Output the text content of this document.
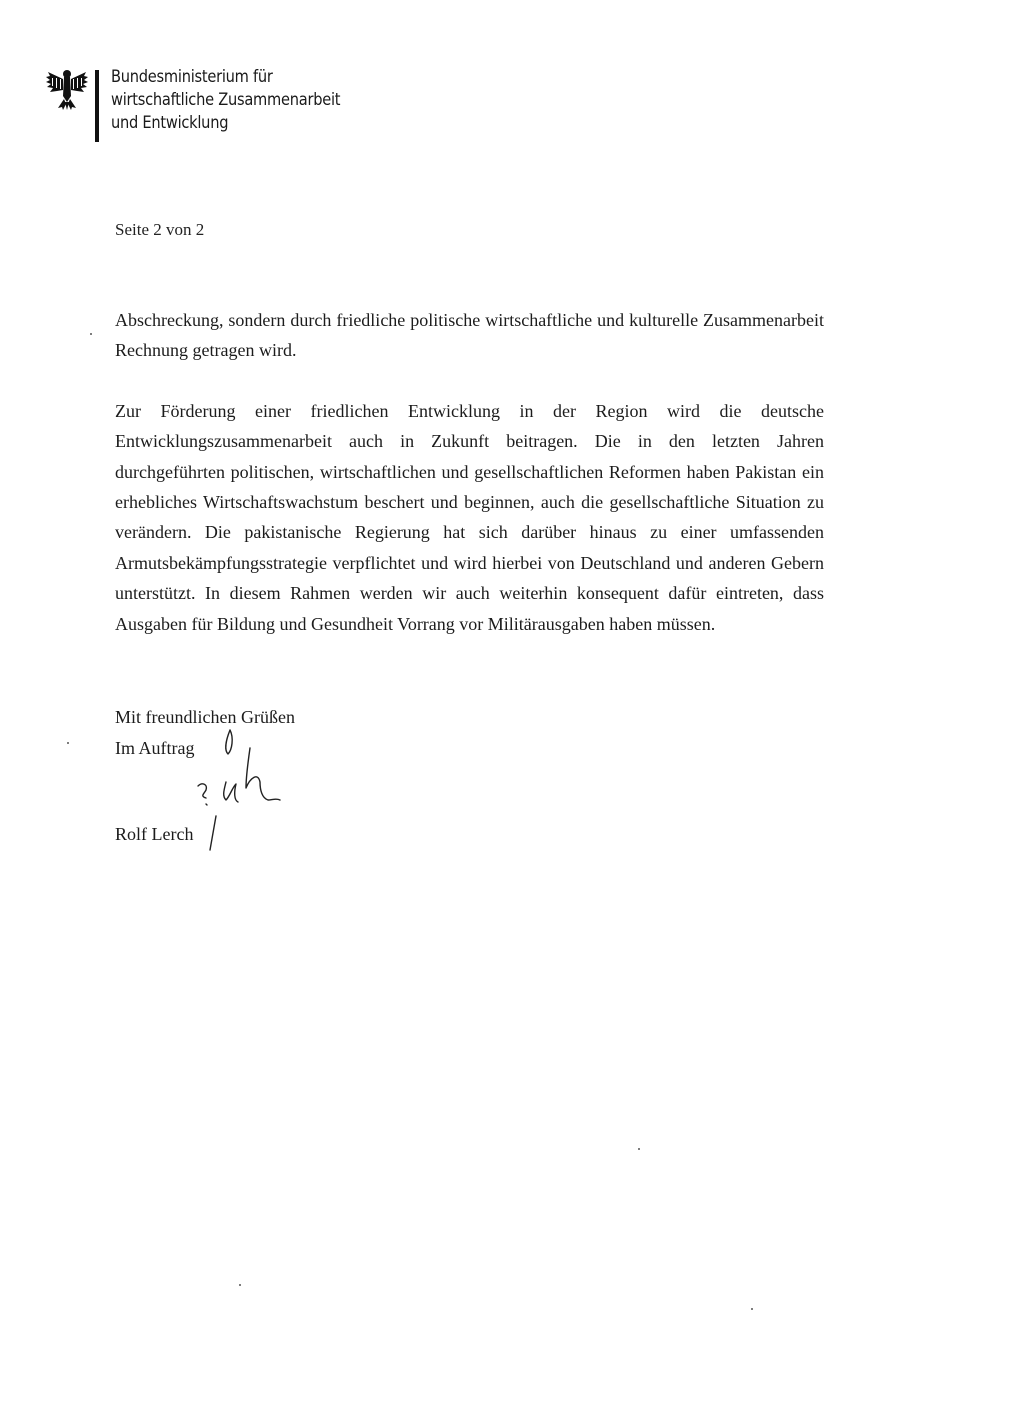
Bundesministerium für
wirtschaftliche Zusammenarbeit
und Entwicklung
Seite 2 von 2

Abschreckung, sondern durch friedliche politische wirtschaftliche und kulturelle Zusammenarbeit Rechnung getragen wird.

Zur Förderung einer friedlichen Entwicklung in der Region wird die deutsche Entwicklungszusammenarbeit auch in Zukunft beitragen. Die in den letzten Jahren durchgeführten politischen, wirtschaftlichen und gesellschaftlichen Reformen haben Pakistan ein erhebliches Wirtschaftswachstum beschert und beginnen, auch die gesellschaftliche Situation zu verändern. Die pakistanische Regierung hat sich darüber hinaus zu einer umfassenden Armutsbekämpfungsstrategie verpflichtet und wird hierbei von Deutschland und anderen Gebern unterstützt. In diesem Rahmen werden wir auch weiterhin konsequent dafür eintreten, dass Ausgaben für Bildung und Gesundheit Vorrang vor Militärausgaben haben müssen.

Mit freundlichen Grüßen
Im Auftrag
Rolf Lerch
